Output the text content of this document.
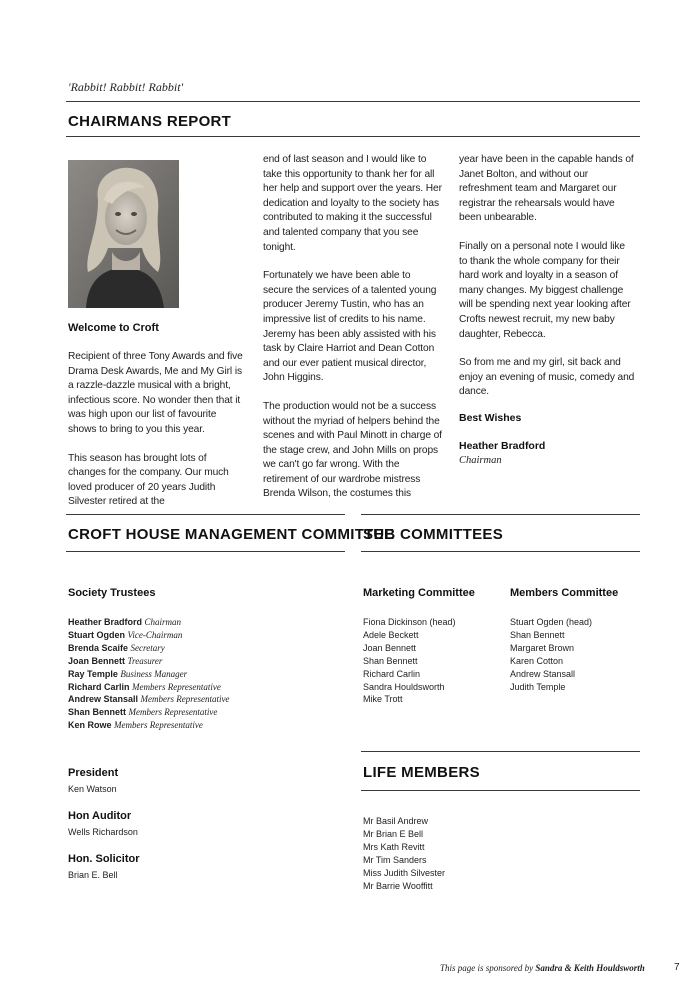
'Rabbit! Rabbit! Rabbit'
CHAIRMANS REPORT
Welcome to Croft

Recipient of three Tony Awards and five Drama Desk Awards, Me and My Girl is a razzle-dazzle musical with a bright, infectious score. No wonder then that it was high upon our list of favourite shows to bring to you this year.

This season has brought lots of changes for the company. Our much loved producer of 20 years Judith Silvester retired at the

end of last season and I would like to take this opportunity to thank her for all her help and support over the years. Her dedication and loyalty to the society has contributed to making it the successful and talented company that you see tonight.

Fortunately we have been able to secure the services of a talented young producer Jeremy Tustin, who has an impressive list of credits to his name. Jeremy has been ably assisted with his task by Claire Harriot and Dean Cotton and our ever patient musical director, John Higgins.

The production would not be a success without the myriad of helpers behind the scenes and with Paul Minott in charge of the stage crew, and John Mills on props we can't go far wrong. With the retirement of our wardrobe mistress Brenda Wilson, the costumes this

year have been in the capable hands of Janet Bolton, and without our refreshment team and Margaret our registrar the rehearsals would have been unbearable.

Finally on a personal note I would like to thank the whole company for their hard work and loyalty in a season of many changes. My biggest challenge will be spending next year looking after Crofts newest recruit, my new baby daughter, Rebecca.

So from me and my girl, sit back and enjoy an evening of music, comedy and dance.

Best Wishes
Heather Bradford
Chairman
CROFT HOUSE MANAGEMENT COMMITTEE
Society Trustees
Heather Bradford Chairman
Stuart Ogden Vice-Chairman
Brenda Scaife Secretary
Joan Bennett Treasurer
Ray Temple Business Manager
Richard Carlin Members Representative
Andrew Stansall Members Representative
Shan Bennett Members Representative
Ken Rowe Members Representative
President
Ken Watson
Hon Auditor
Wells Richardson
Hon. Solicitor
Brian E. Bell
SUB COMMITTEES
Marketing Committee
Fiona Dickinson (head)
Adele Beckett
Joan Bennett
Shan Bennett
Richard Carlin
Sandra Houldsworth
Mike Trott
Members Committee
Stuart Ogden (head)
Shan Bennett
Margaret Brown
Karen Cotton
Andrew Stansall
Judith Temple
LIFE MEMBERS
Mr Basil Andrew
Mr Brian E Bell
Mrs Kath Revitt
Mr Tim Sanders
Miss Judith Silvester
Mr Barrie Wooffitt
This page is sponsored by Sandra & Keith Houldsworth	7
